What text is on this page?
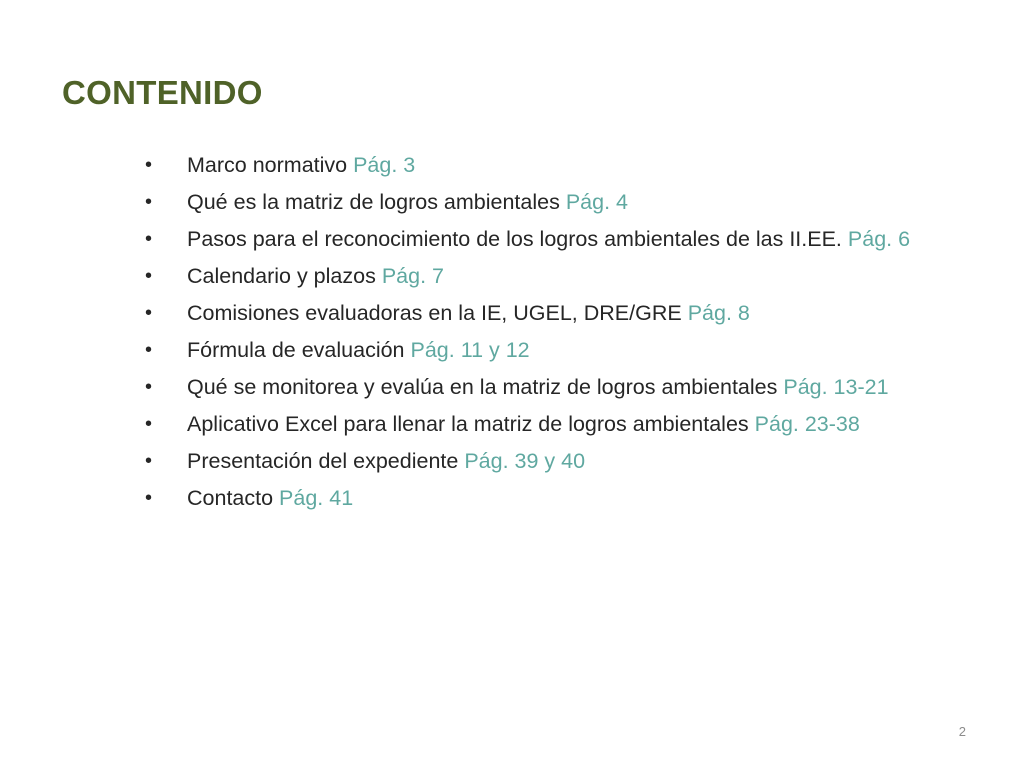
CONTENIDO
• Marco normativo Pág. 3
• Qué es la matriz de logros ambientales Pág. 4
• Pasos para el reconocimiento de los logros ambientales de las II.EE. Pág. 6
• Calendario y plazos Pág. 7
• Comisiones evaluadoras en la IE, UGEL, DRE/GRE Pág. 8
• Fórmula de evaluación Pág. 11 y 12
• Qué se monitorea y evalúa en la matriz de logros ambientales Pág. 13-21
• Aplicativo Excel para llenar la matriz de logros ambientales Pág. 23-38
• Presentación del expediente Pág. 39 y 40
• Contacto Pág. 41
2
